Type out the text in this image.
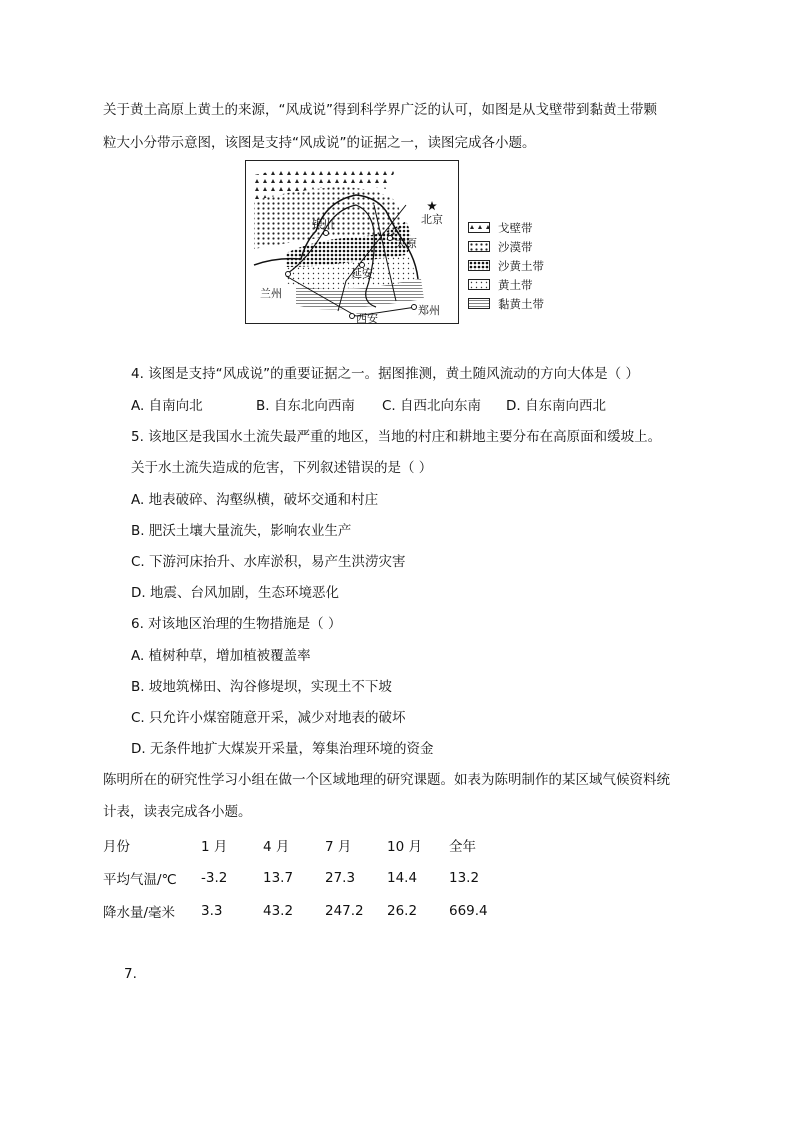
关于黄土高原上黄土的来源，“风成说”得到科学界广泛的认可，如图是从戈壁带到黏黄土带颗
粒大小分带示意图，该图是支持“风成说”的证据之一，读图完成各小题。
北京
银川
太原
延安
兰州
郑州
西安
戈壁带
沙漠带
沙黄土带
黄土带
黏黄土带
4. 该图是支持“风成说”的重要证据之一。据图推测，黄土随风流动的方向大体是（ ）
A. 自南向北	B. 自东北向西南 C. 自西北向东南 D. 自东南向西北
5. 该地区是我国水土流失最严重的地区，当地的村庄和耕地主要分布在高原面和缓坡上。
关于水土流失造成的危害，下列叙述错误的是（ ）
A. 地表破碎、沟壑纵横，破坏交通和村庄
B. 肥沃土壤大量流失，影响农业生产
C. 下游河床抬升、水库淤积，易产生洪涝灾害
D. 地震、台风加剧，生态环境恶化
6. 对该地区治理的生物措施是（ ）
A. 植树种草，增加植被覆盖率
B. 坡地筑梯田、沟谷修堤坝，实现土不下坡
C. 只允许小煤窑随意开采，减少对地表的破坏
D. 无条件地扩大煤炭开采量，筹集治理环境的资金
陈明所在的研究性学习小组在做一个区域地理的研究课题。如表为陈明制作的某区域气候资料统
计表，读表完成各小题。
月份	1 月	4 月	7 月	10 月	全年
平均气温/℃	-3.2	13.7	27.3	14.4	13.2
降水量/毫米	3.3	43.2	247.2	26.2	669.4
7.
